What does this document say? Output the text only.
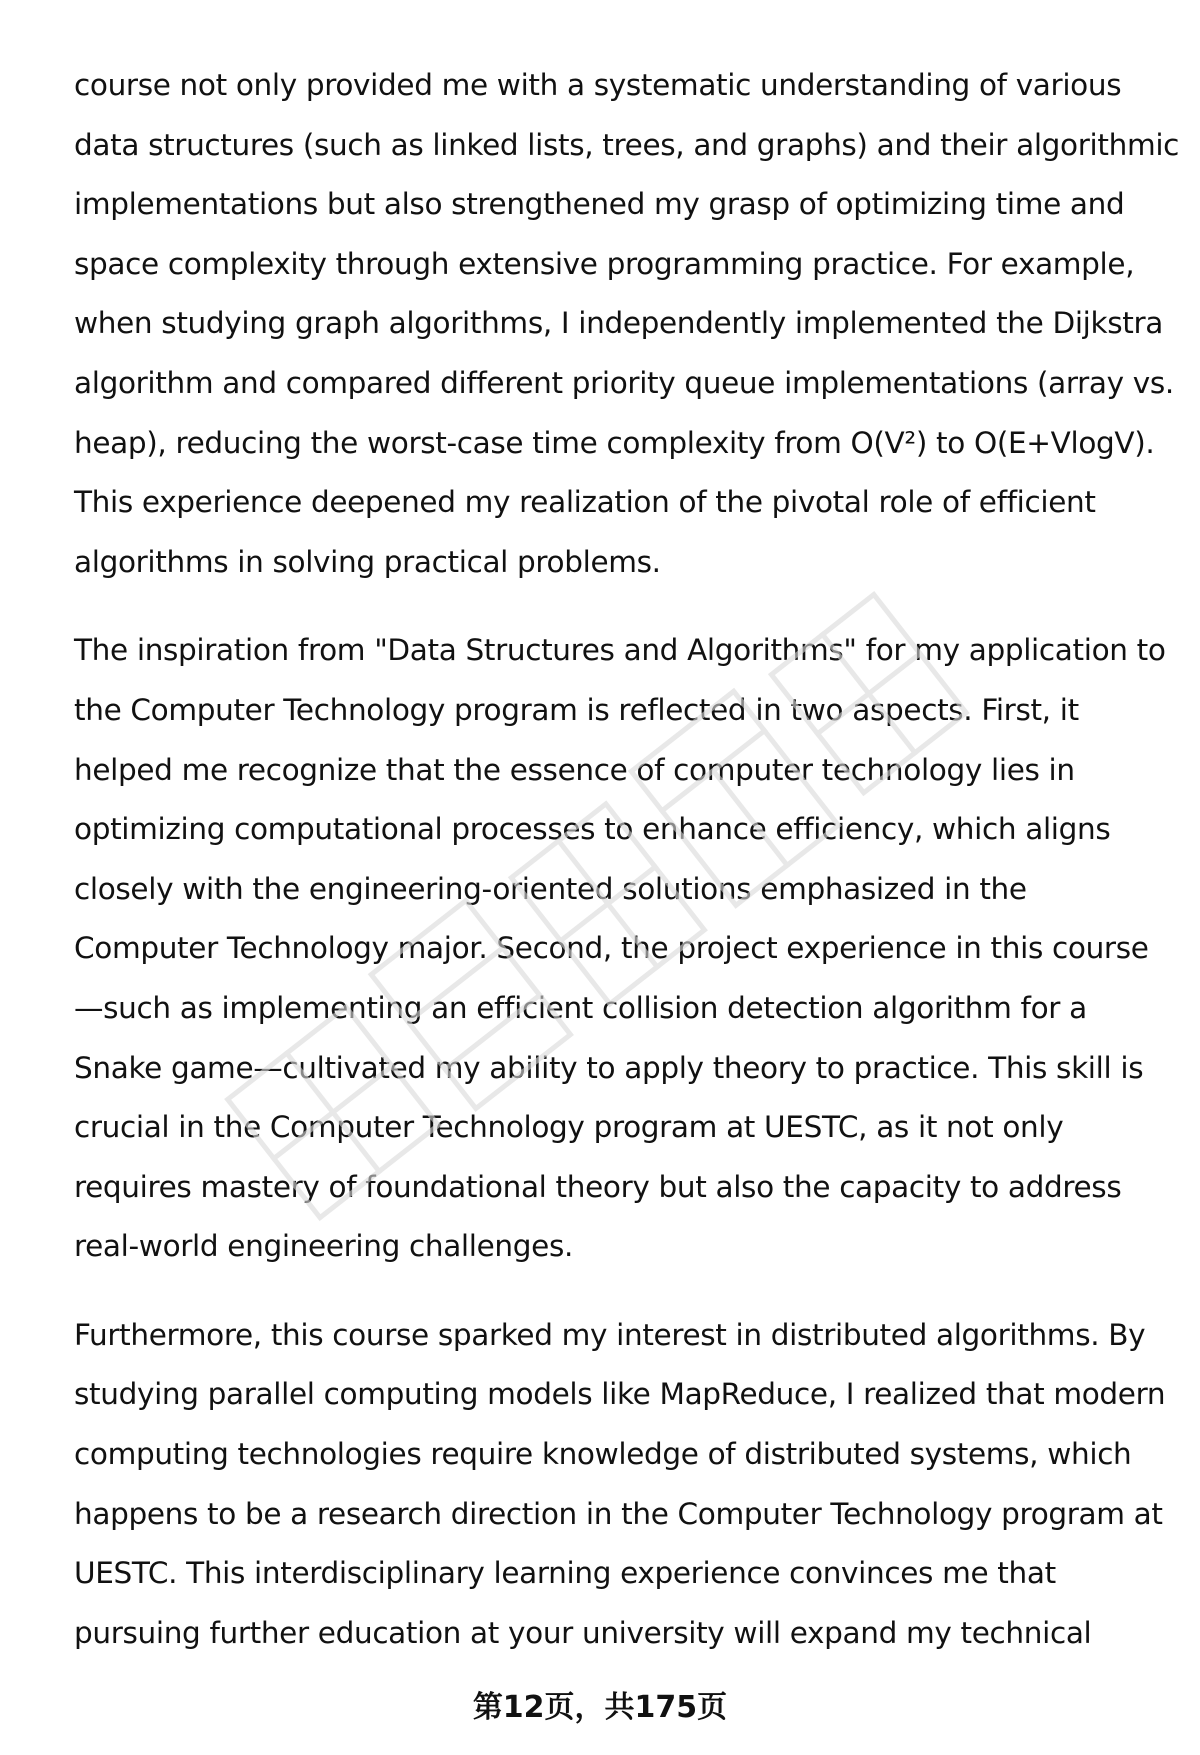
course not only provided me with a systematic understanding of various
data structures (such as linked lists, trees, and graphs) and their algorithmic
implementations but also strengthened my grasp of optimizing time and
space complexity through extensive programming practice. For example,
when studying graph algorithms, I independently implemented the Dijkstra
algorithm and compared different priority queue implementations (array vs.
heap), reducing the worst-case time complexity from O(V²) to O(E+VlogV).
This experience deepened my realization of the pivotal role of efficient
algorithms in solving practical problems.

The inspiration from "Data Structures and Algorithms" for my application to
the Computer Technology program is reflected in two aspects. First, it
helped me recognize that the essence of computer technology lies in
optimizing computational processes to enhance efficiency, which aligns
closely with the engineering-oriented solutions emphasized in the
Computer Technology major. Second, the project experience in this course
—such as implementing an efficient collision detection algorithm for a
Snake game—cultivated my ability to apply theory to practice. This skill is
crucial in the Computer Technology program at UESTC, as it not only
requires mastery of foundational theory but also the capacity to address
real-world engineering challenges.

Furthermore, this course sparked my interest in distributed algorithms. By
studying parallel computing models like MapReduce, I realized that modern
computing technologies require knowledge of distributed systems, which
happens to be a research direction in the Computer Technology program at
UESTC. This interdisciplinary learning experience convinces me that
pursuing further education at your university will expand my technical

第12页，共175页
